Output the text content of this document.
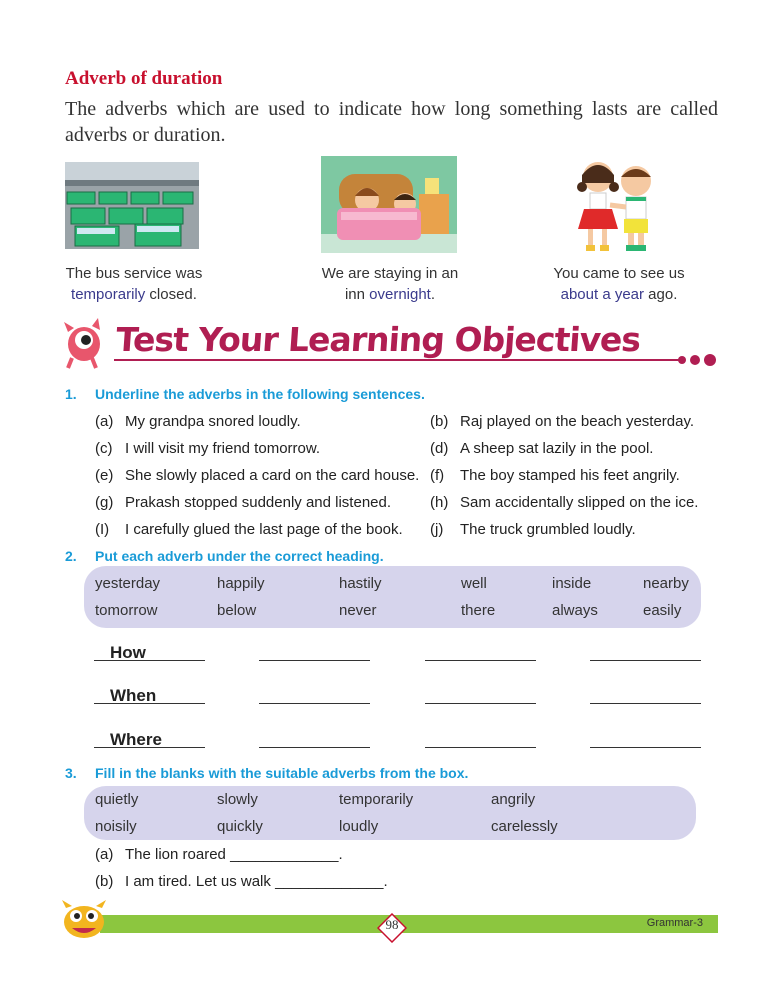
Adverb of duration
The adverbs which are used to indicate how long something lasts are called adverbs or duration.
The bus service was
temporarily closed.
We are staying in an
inn overnight.
You came to see us
about a year ago.
Test Your Learning Objectives
1. Underline the adverbs in the following sentences.
(a) My grandpa snored loudly.	(b) Raj played on the beach yesterday.
(c) I will visit my friend tomorrow.	(d) A sheep sat lazily in the pool.
(e) She slowly placed a card on the card house. (f) The boy stamped his feet angrily.
(g) Prakash stopped suddenly and listened.	(h) Sam accidentally slipped on the ice.
(I) I carefully glued the last page of the book. (j) The truck grumbled loudly.
2. Put each adverb under the correct heading.
yesterday	happily	hastily	well	inside	nearby
tomorrow	below	never	there	always	easily
How
When
Where
3. Fill in the blanks with the suitable adverbs from the box.
quietly	slowly	temporarily	angrily
noisily	quickly	loudly	carelessly
(a) The lion roared _____________.
(b) I am tired. Let us walk _____________.
98	Grammar-3
